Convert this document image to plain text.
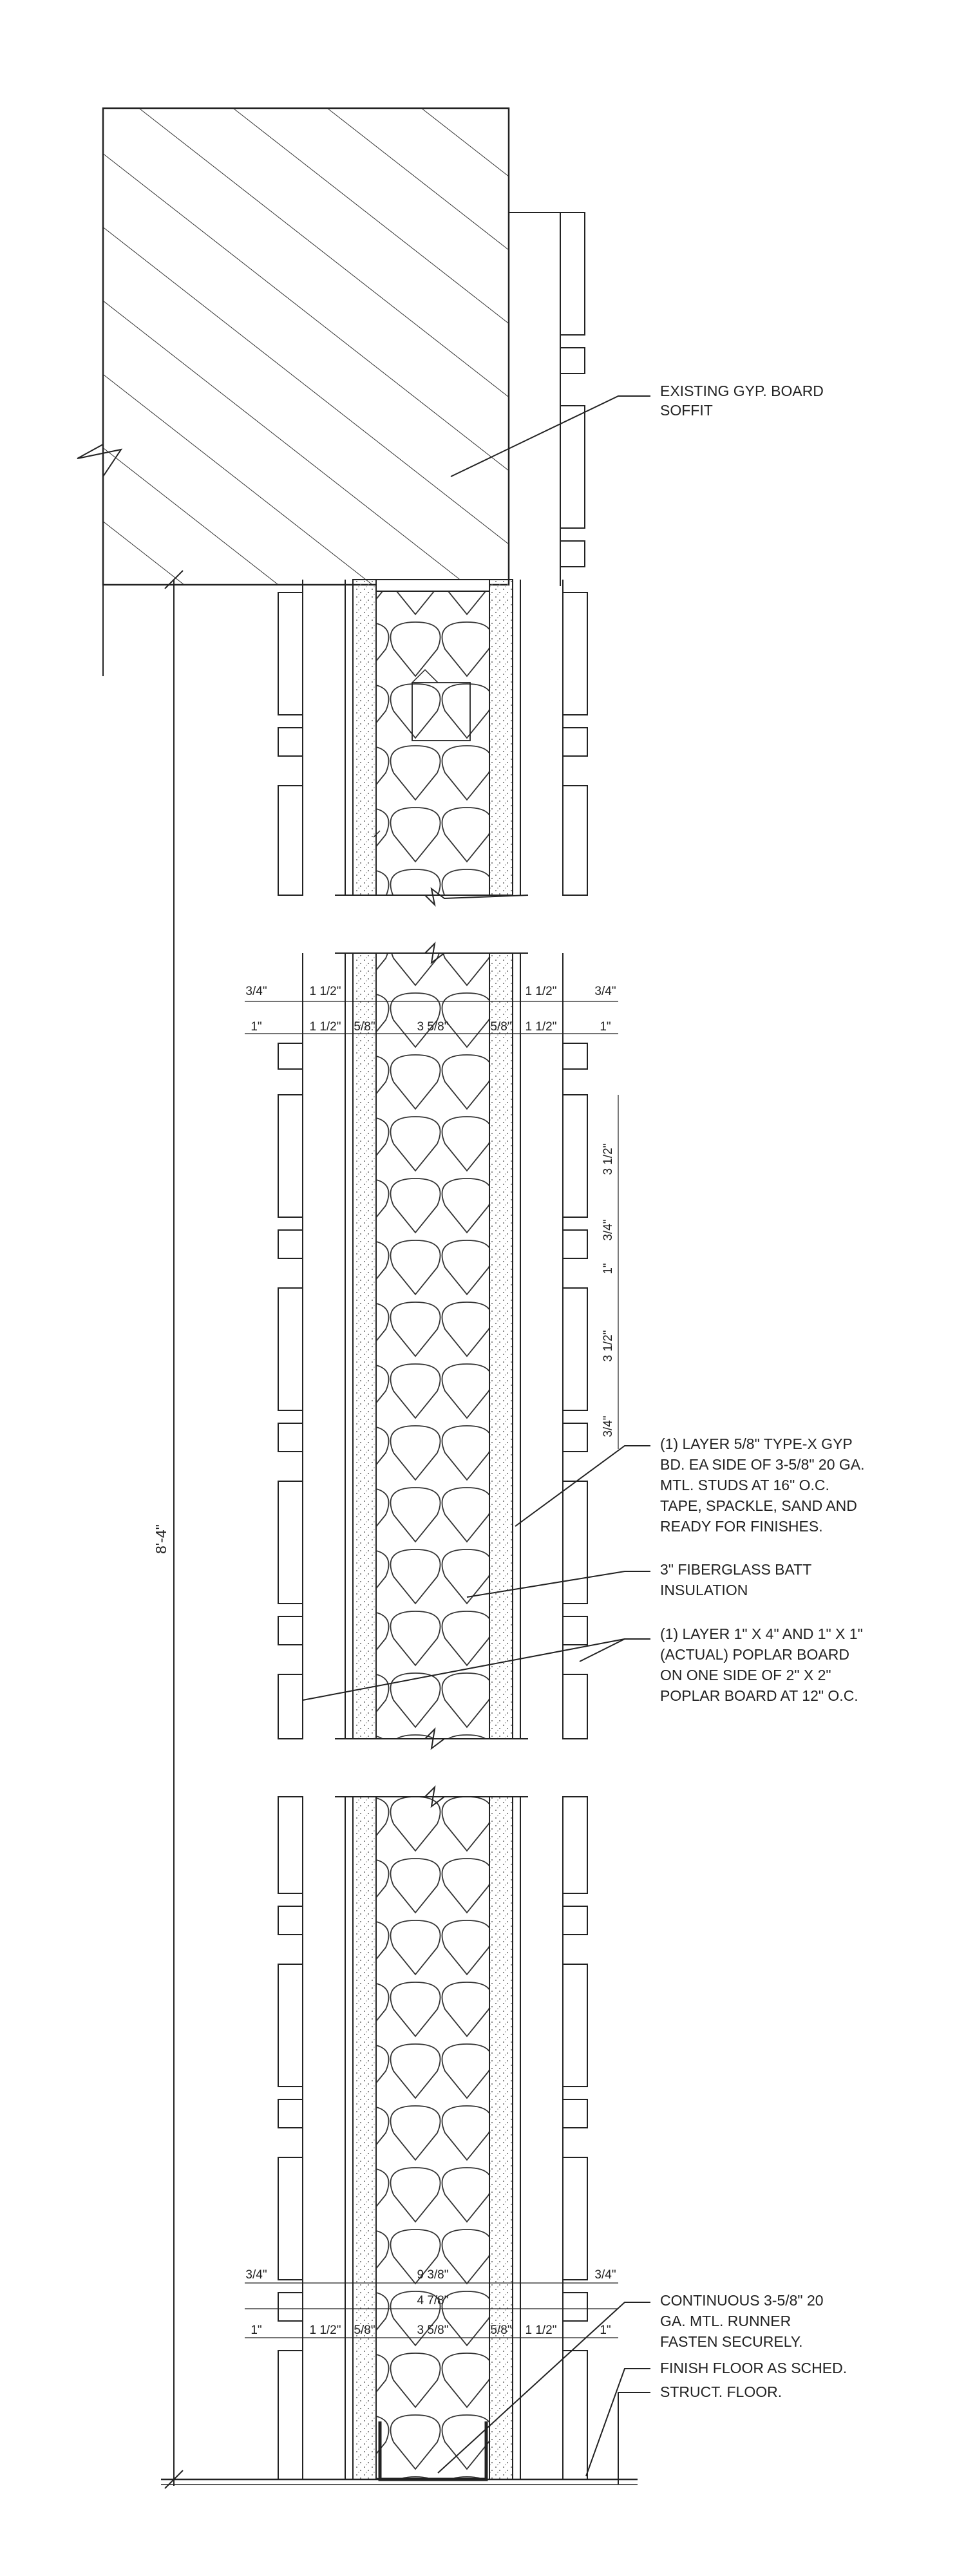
8'-4"
3/4"	1 1/2"	1 1/2"	3/4"
1"	1 1/2" 5/8"	3 5/8"	5/8" 1 1/2"	1"
3 1/2"
3/4"
1"
3 1/2"
3/4"
3/4"	9 3/8"	3/4"
4 7/8"
1"	1 1/2" 5/8"	3 5/8"	5/8" 1 1/2"	1"
EXISTING GYP. BOARD
SOFFIT
(1) LAYER 5/8" TYPE-X GYP
BD. EA SIDE OF 3-5/8" 20 GA.
MTL. STUDS AT 16" O.C.
TAPE, SPACKLE, SAND AND
READY FOR FINISHES.
3" FIBERGLASS BATT
INSULATION
(1) LAYER 1" X 4" AND 1" X 1"
(ACTUAL) POPLAR BOARD
ON ONE SIDE OF 2" X 2"
POPLAR BOARD AT 12" O.C.
CONTINUOUS 3-5/8" 20
GA. MTL. RUNNER
FASTEN SECURELY.
FINISH FLOOR AS SCHED.
STRUCT. FLOOR.
